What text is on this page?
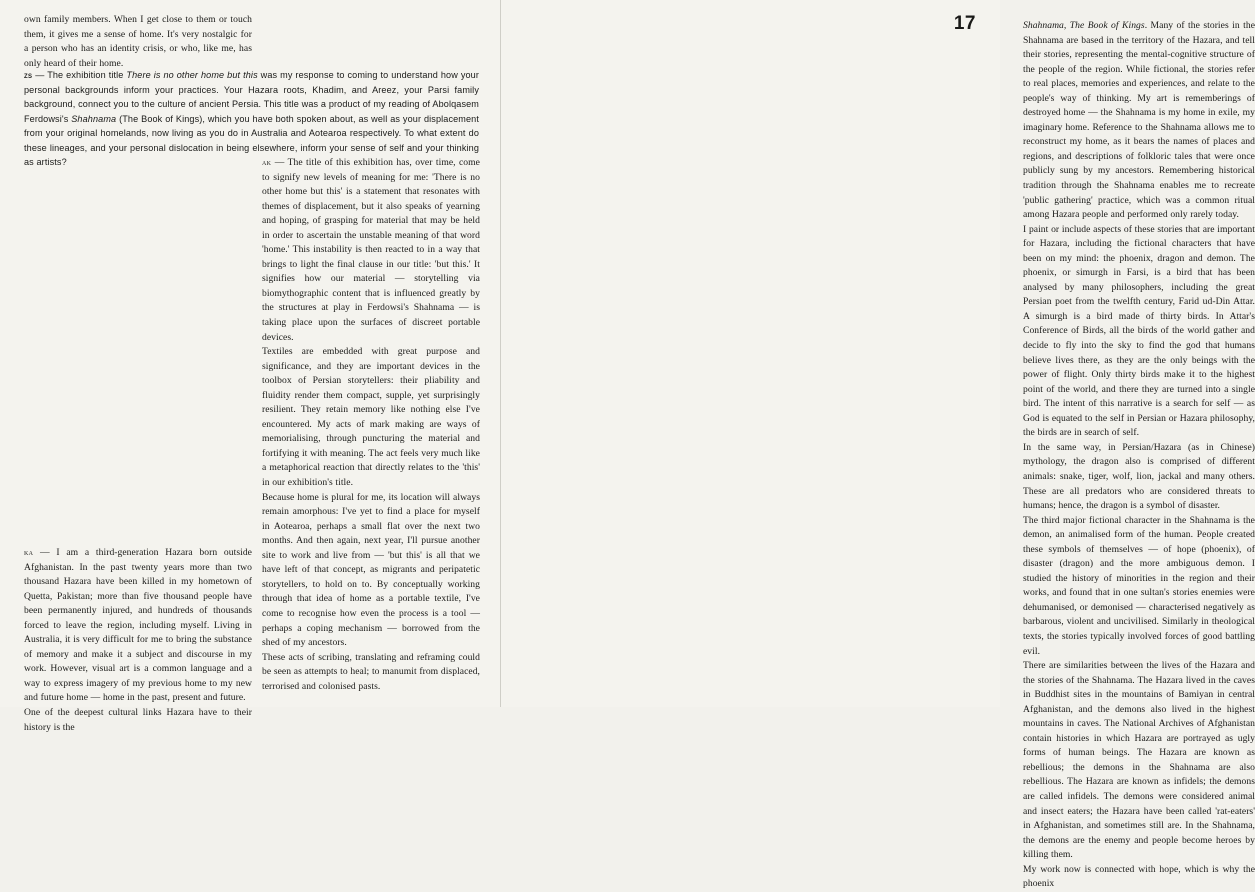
own family members. When I get close to them or touch them, it gives me a sense of home. It's very nostalgic for a person who has an identity crisis, or who, like me, has only heard of their home.

zs — The exhibition title There is no other home but this was my response to coming to understand how your personal backgrounds inform your practices. Your Hazara roots, Khadim, and Areez, your Parsi family background, connect you to the culture of ancient Persia. This title was a product of my reading of Abolqasem Ferdowsi's Shahnama (The Book of Kings), which you have both spoken about, as well as your displacement from your original homelands, now living as you do in Australia and Aotearoa respectively. To what extent do these lineages, and your personal dislocation in being elsewhere, inform your sense of self and your thinking as artists?	ak — The title of this exhibition has, over time, come to signify new levels of meaning for me: 'There is no other home but this' is a statement that resonates with themes of displacement, but it also speaks of yearning and hoping, of grasping for material that may be held in order to ascertain the unstable meaning of that word 'home.' This instability is then reacted to in a way that brings to light the final clause in our title: 'but this.' It signifies how our material — storytelling via biomythographic content that is influenced greatly by the structures at play in Ferdowsi's Shahnama — is taking place upon the surfaces of discreet portable devices.

Textiles are embedded with great purpose and significance, and they are important devices in the toolbox of Persian storytellers: their pliability and fluidity render them compact, supple, yet surprisingly resilient. They retain memory like nothing else I've encountered. My acts of mark making are ways of memorialising, through puncturing the material and fortifying it with meaning. The act feels very much like a metaphorical reaction that directly relates to the 'this' in our exhibition's title.

Because home is plural for me, its location will always remain amorphous: I've yet to find a place for myself in Aotearoa, perhaps a small flat over the next two months. And then again, next year, I'll pursue another site to work and live from — 'but this' is all that we have left of that concept, as migrants and peripatetic storytellers, to hold on to. By conceptually working through that idea of home as a portable textile, I've come to recognise how even the process is a tool — perhaps a coping mechanism — borrowed from the shed of my ancestors.

These acts of scribing, translating and reframing could be seen as attempts to heal; to manumit from displaced, terrorised and colonised pasts.

ka — I am a third-generation Hazara born outside Afghanistan. In the past twenty years more than two thousand Hazara have been killed in my hometown of Quetta, Pakistan; more than five thousand people have been permanently injured, and hundreds of thousands forced to leave the region, including myself. Living in Australia, it is very difficult for me to bring the substance of memory and make it a subject and discourse in my work. However, visual art is a common language and a way to express imagery of my previous home to my new and future home — home in the past, present and future.

One of the deepest cultural links Hazara have to their history is the

17	Shahnama, The Book of Kings. Many of the stories in the Shahnama are based in the territory of the Hazara, and tell their stories, representing the mental-cognitive structure of the people of the region. While fictional, the stories refer to real places, memories and experiences, and relate to the people's way of thinking. My art is rememberings of destroyed home — the Shahnama is my home in exile, my imaginary home. Reference to the Shahnama allows me to reconstruct my home, as it bears the names of places and regions, and descriptions of folkloric tales that were once publicly sung by my ancestors. Remembering historical tradition through the Shahnama enables me to recreate 'public gathering' practice, which was a common ritual among Hazara people and performed only rarely today.

I paint or include aspects of these stories that are important for Hazara, including the fictional characters that have been on my mind: the phoenix, dragon and demon. The phoenix, or simurgh in Farsi, is a bird that has been analysed by many philosophers, including the great Persian poet from the twelfth century, Farid ud-Din Attar. A simurgh is a bird made of thirty birds. In Attar's Conference of Birds, all the birds of the world gather and decide to fly into the sky to find the god that humans believe lives there, as they are the only beings with the power of flight. Only thirty birds make it to the highest point of the world, and there they are turned into a single bird. The intent of this narrative is a search for self — as God is equated to the self in Persian or Hazara philosophy, the birds are in search of self.

In the same way, in Persian/Hazara (as in Chinese) mythology, the dragon also is comprised of different animals: snake, tiger, wolf, lion, jackal and many others. These are all predators who are considered threats to humans; hence, the dragon is a symbol of disaster.

The third major fictional character in the Shahnama is the demon, an animalised form of the human. People created these symbols of themselves — of hope (phoenix), of disaster (dragon) and the more ambiguous demon. I studied the history of minorities in the region and their works, and found that in one sultan's stories enemies were dehumanised, or demonised — characterised negatively as barbarous, violent and uncivilised. Similarly in theological texts, the stories typically involved forces of good battling evil.

There are similarities between the lives of the Hazara and the stories of the Shahnama. The Hazara lived in the caves in Buddhist sites in the mountains of Bamiyan in central Afghanistan, and the demons also lived in the highest mountains in caves. The National Archives of Afghanistan contain histories in which Hazara are portrayed as ugly forms of human beings. The Hazara are known as rebellious; the demons in the Shahnama are also rebellious. The Hazara are known as infidels; the demons are called infidels. The demons were considered animal and insect eaters; the Hazara have been called 'rat-eaters' in Afghanistan, and sometimes still are. In the Shahnama, the demons are the enemy and people become heroes by killing them.

My work now is connected with hope, which is why the phoenix
